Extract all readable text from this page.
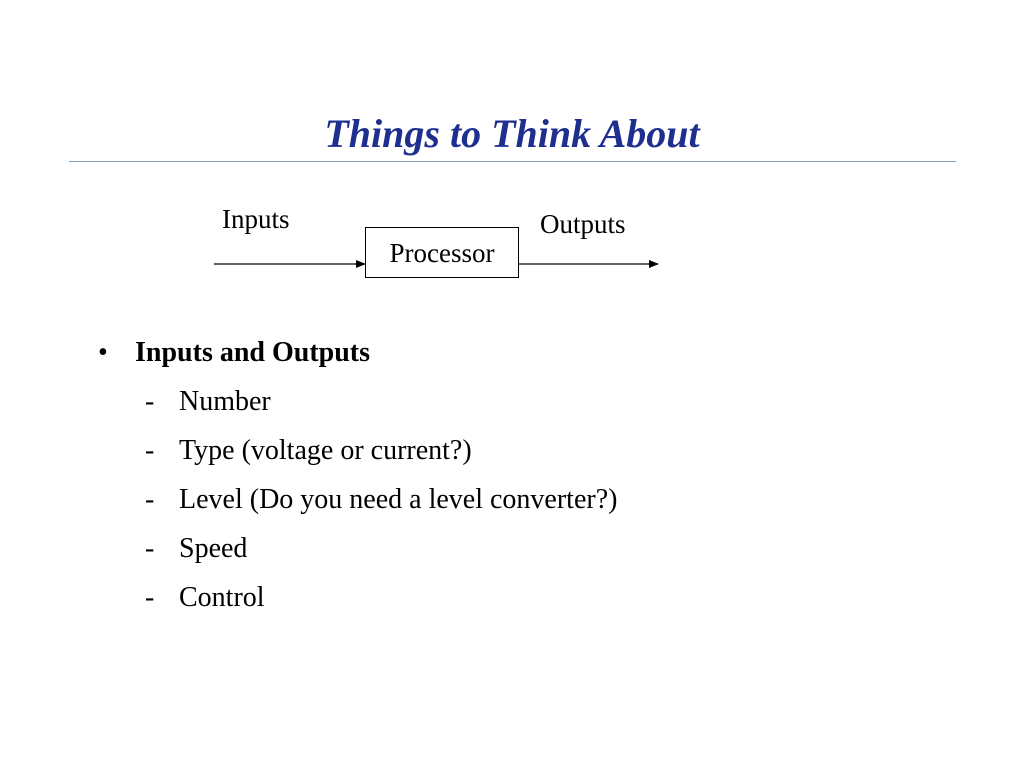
Things to Think About
Inputs
Processor
Outputs
• Inputs and Outputs
- Number
- Type (voltage or current?)
- Level (Do you need a level converter?)
- Speed
- Control
